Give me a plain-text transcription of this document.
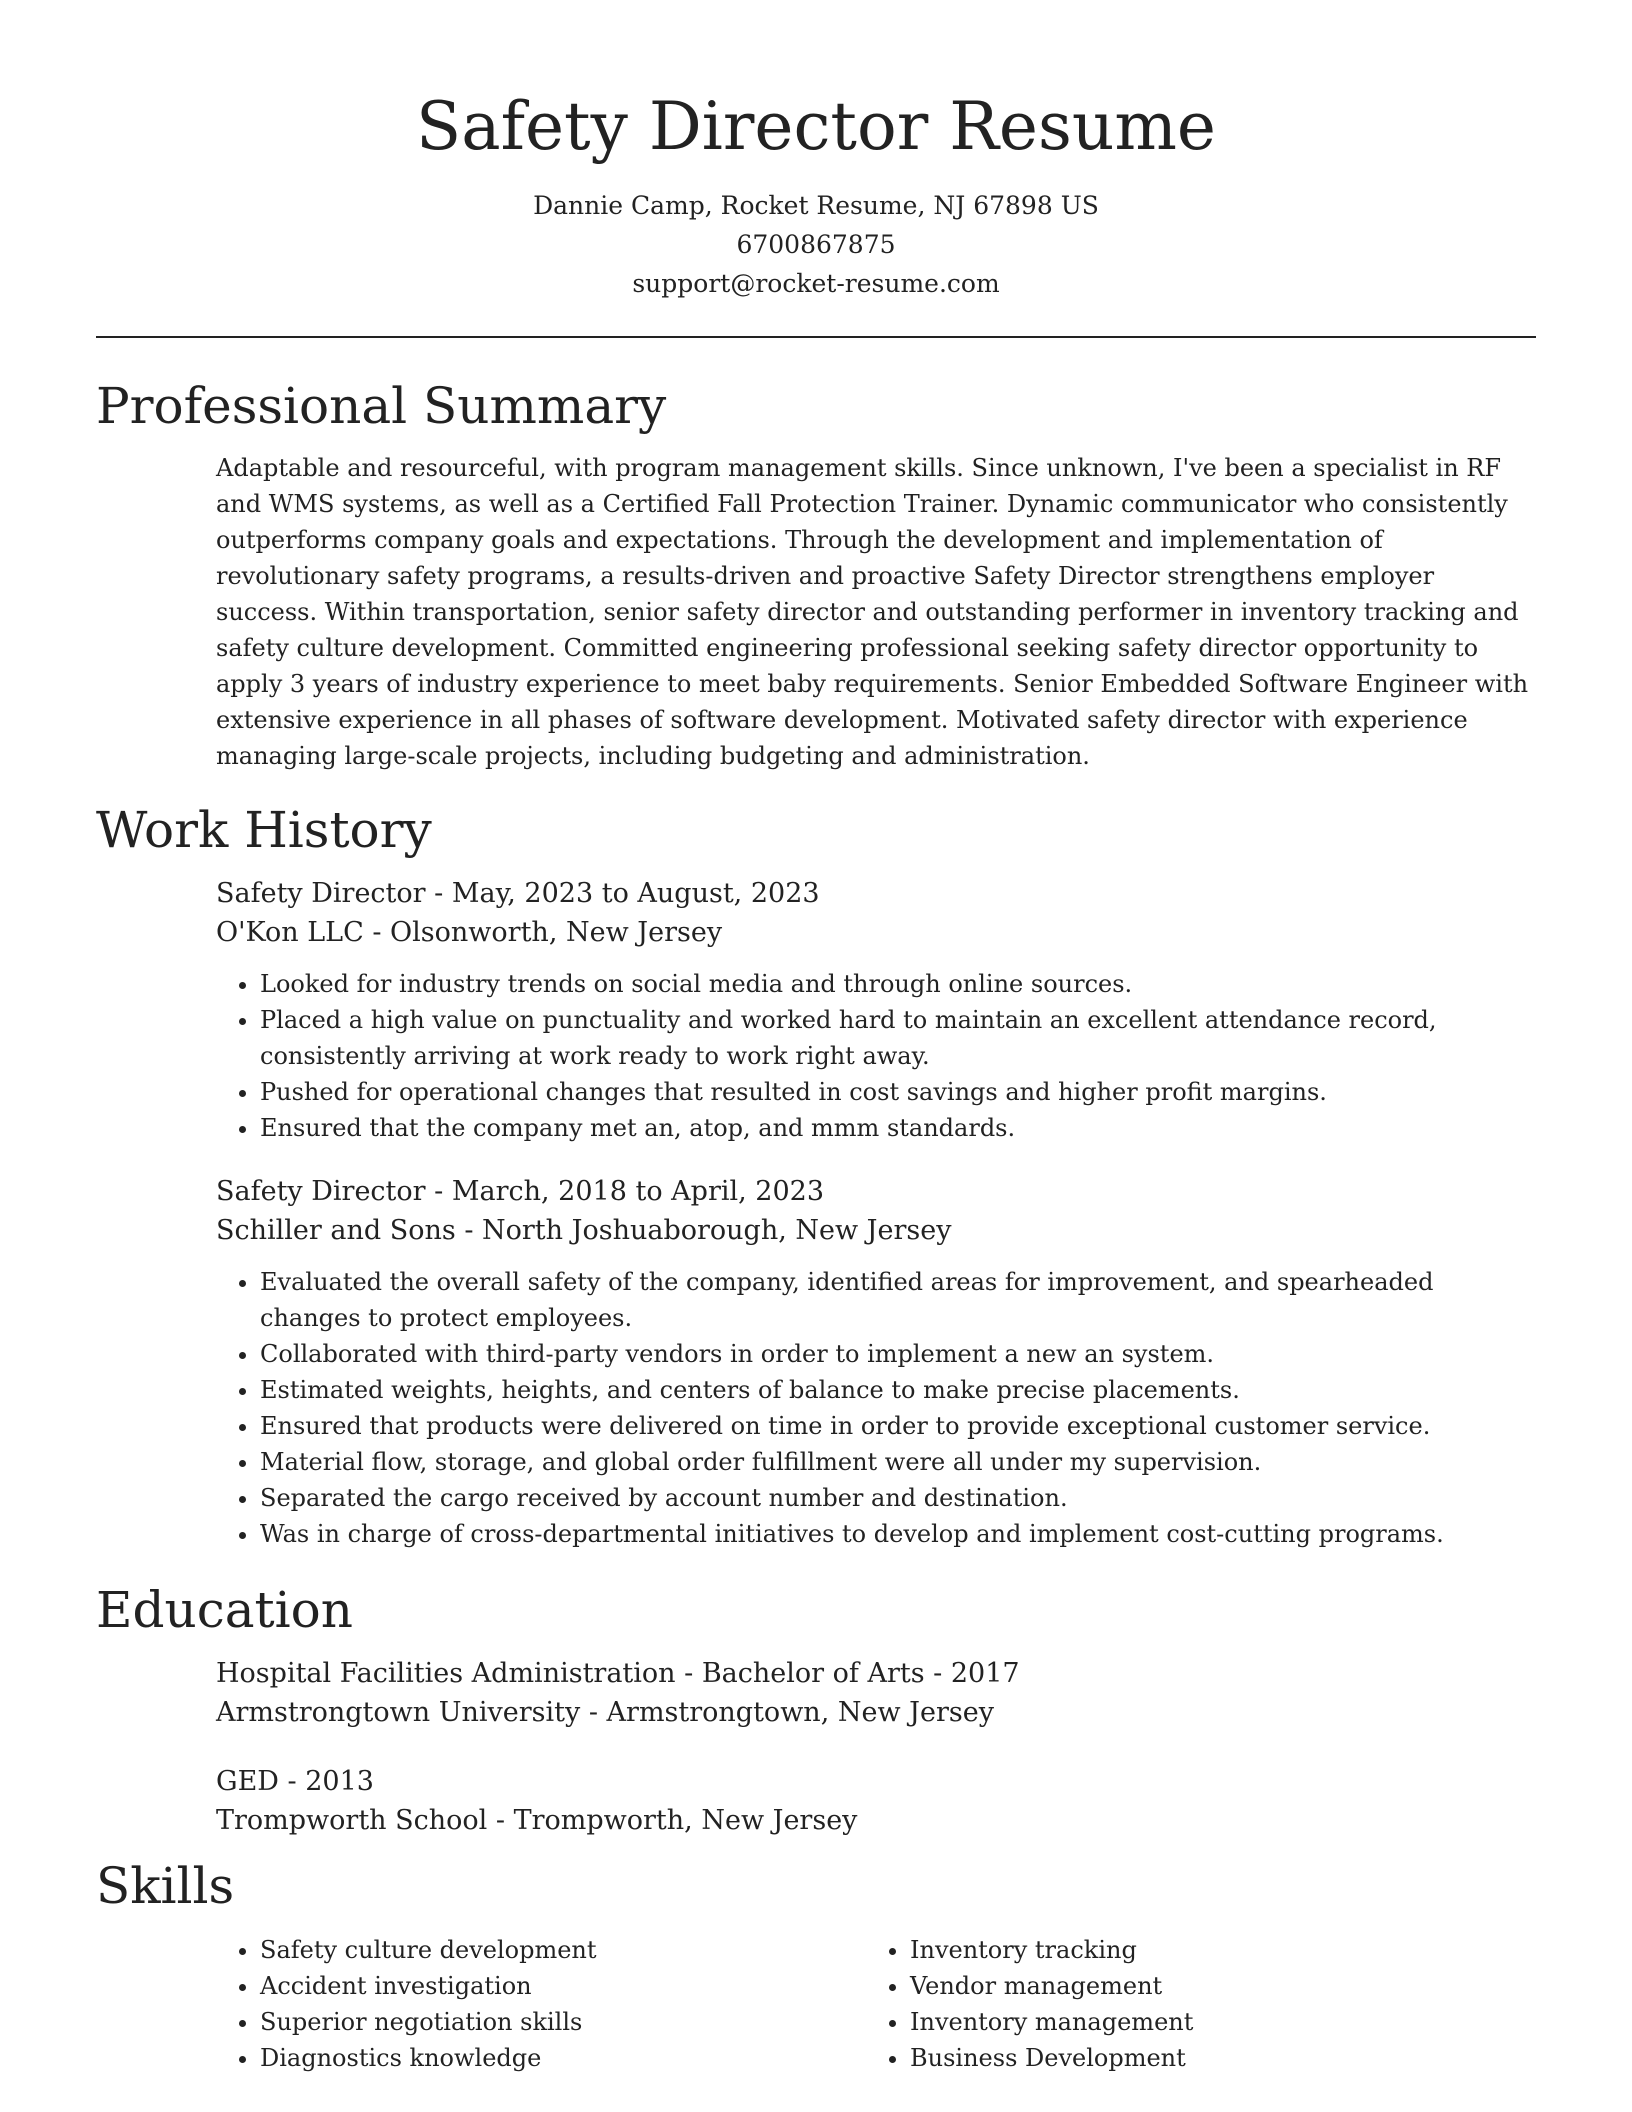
Safety Director Resume
Dannie Camp, Rocket Resume, NJ 67898 US
6700867875
support@rocket-resume.com
Professional Summary

Adaptable and resourceful, with program management skills. Since unknown, I've been a specialist in RF and WMS systems, as well as a Certified Fall Protection Trainer. Dynamic communicator who consistently outperforms company goals and expectations. Through the development and implementation of revolutionary safety programs, a results-driven and proactive Safety Director strengthens employer success. Within transportation, senior safety director and outstanding performer in inventory tracking and safety culture development. Committed engineering professional seeking safety director opportunity to apply 3 years of industry experience to meet baby requirements. Senior Embedded Software Engineer with extensive experience in all phases of software development. Motivated safety director with experience managing large-scale projects, including budgeting and administration.

Work History
Safety Director - May, 2023 to August, 2023
O'Kon LLC - Olsonworth, New Jersey
• Looked for industry trends on social media and through online sources.
• Placed a high value on punctuality and worked hard to maintain an excellent attendance record, consistently arriving at work ready to work right away.
• Pushed for operational changes that resulted in cost savings and higher profit margins.
• Ensured that the company met an, atop, and mmm standards.
Safety Director - March, 2018 to April, 2023
Schiller and Sons - North Joshuaborough, New Jersey
• Evaluated the overall safety of the company, identified areas for improvement, and spearheaded changes to protect employees.
• Collaborated with third-party vendors in order to implement a new an system.
• Estimated weights, heights, and centers of balance to make precise placements.
• Ensured that products were delivered on time in order to provide exceptional customer service.
• Material flow, storage, and global order fulfillment were all under my supervision.
• Separated the cargo received by account number and destination.
• Was in charge of cross-departmental initiatives to develop and implement cost-cutting programs.
Education
Hospital Facilities Administration - Bachelor of Arts - 2017
Armstrongtown University - Armstrongtown, New Jersey
GED - 2013
Trompworth School - Trompworth, New Jersey
Skills
• Safety culture development
• Accident investigation
• Superior negotiation skills
• Diagnostics knowledge
• Inventory tracking
• Vendor management
• Inventory management
• Business Development
